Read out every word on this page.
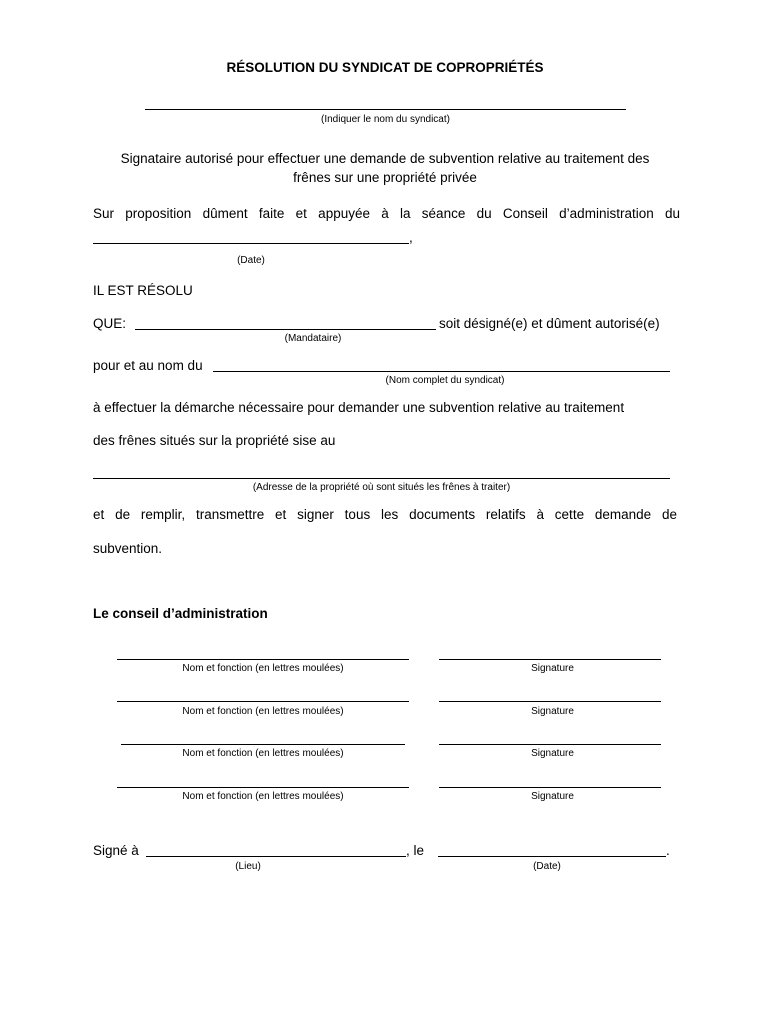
RÉSOLUTION DU SYNDICAT DE COPROPRIÉTÉS
(Indiquer le nom du syndicat)
Signataire autorisé pour effectuer une demande de subvention relative au traitement des
frênes sur une propriété privée
Sur proposition dûment faite et appuyée à la séance du Conseil d’administration du
,
(Date)
IL EST RÉSOLU
QUE:	soit désigné(e) et dûment autorisé(e)
(Mandataire)
pour et au nom du
(Nom complet du syndicat)
à effectuer la démarche nécessaire pour demander une subvention relative au traitement
des frênes situés sur la propriété sise au
(Adresse de la propriété où sont situés les frênes à traiter)
et de remplir, transmettre et signer tous les documents relatifs à cette demande de
subvention.
Le conseil d’administration
Nom et fonction (en lettres moulées)	Signature
Nom et fonction (en lettres moulées)	Signature
Nom et fonction (en lettres moulées)	Signature
Nom et fonction (en lettres moulées)	Signature
Signé à	, le	.
(Lieu)	(Date)
